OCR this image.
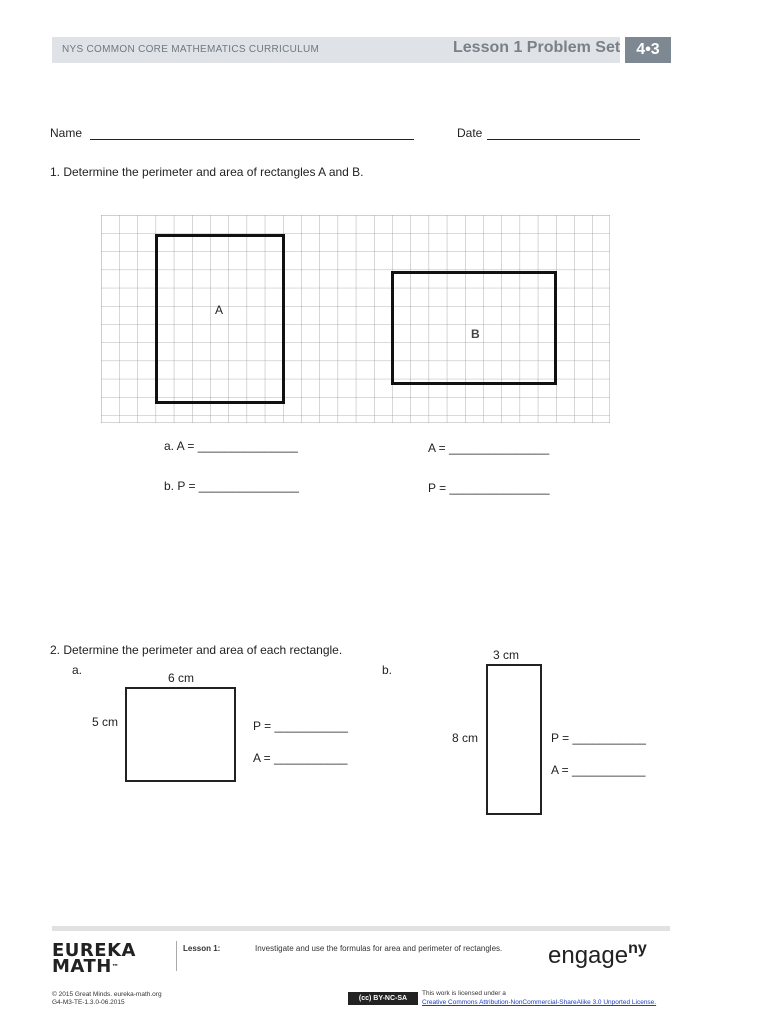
NYS COMMON CORE MATHEMATICS CURRICULUM	Lesson 1 Problem Set	4•3
Name	Date
1. Determine the perimeter and area of rectangles A and B.
A
B
a. A = _______________
b. P = _______________
A = _______________
P = _______________
2. Determine the perimeter and area of each rectangle.
a.
6 cm
5 cm	P = ___________
A = ___________
b.
3 cm
8 cm	P = ___________
A = ___________
EUREKA
MATH™
Lesson 1:	Investigate and use the formulas for area and perimeter of rectangles. engage$^{ny}$
© 2015 Great Minds. eureka-math.org
G4-M3-TE-1.3.0-06.2015
(cc) BY-NC-SA
This work is licensed under a
Creative Commons Attribution-NonCommercial-ShareAlike 3.0 Unported License.
